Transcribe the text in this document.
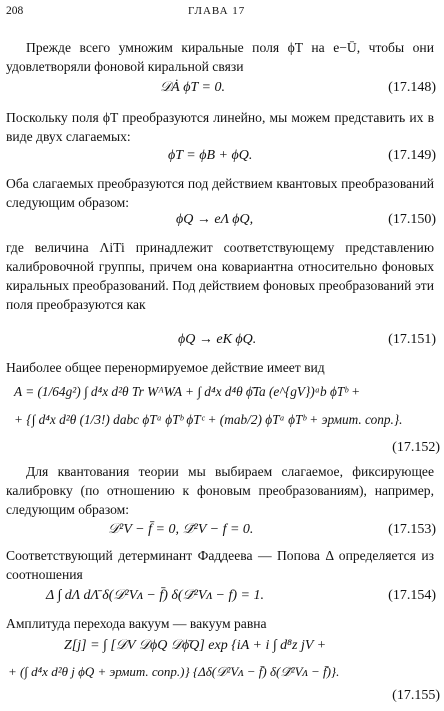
208	ГЛАВА 17
Прежде всего умножим киральные поля ϕT на e−Ū, чтобы они удовлетворяли фоновой киральной связи
𝒟Ȧ ϕT = 0.	(17.148)
Поскольку поля ϕT преобразуются линейно, мы можем представить их в виде двух слагаемых:
ϕT = ϕB + ϕQ.	(17.149)
Оба слагаемых преобразуются под действием квантовых преобразований следующим образом:
ϕQ → eΛ ϕQ,	(17.150)
где величина ΛiTi принадлежит соответствующему представлению калибровочной группы, причем она ковариантна относительно фоновых киральных преобразований. Под действием фоновых преобразований эти поля преобразуются как
ϕQ → eK ϕQ.	(17.151)
Наиболее общее перенормируемое действие имеет вид
A = (1/64g²) ∫ d⁴x d²θ Tr WᴬWA + ∫ d⁴x d⁴θ ϕ̄Ta (e^{gV})ᵃb ϕTᵇ +
+ {∫ d⁴x d²θ (1/3!) dabc ϕTᵃ ϕTᵇ ϕTᶜ + (mab/2) ϕTᵃ ϕTᵇ + эрмит. сопр.}.
(17.152)
Для квантования теории мы выбираем слагаемое, фиксирующее калибровку (по отношению к фоновым преобразованиям), например, следующим образом:
𝒟²V − f̄ = 0, 𝒟̄²V − f = 0.	(17.153)
Соответствующий детерминант Фаддеева — Попова Δ определяется из соотношения
Δ ∫ dΛ dΛ̄ δ(𝒟²Vᴧ − f̄) δ(𝒟̄²Vᴧ − f) = 1.	(17.154)
Амплитуда перехода вакуум — вакуум равна
Z[j] = ∫ [𝒟V 𝒟ϕQ 𝒟ϕ̄Q] exp {iA + i ∫ d⁸z jV +
+ (∫ d⁴x d²θ j ϕQ + эрмит. сопр.)} {Δδ(𝒟²Vᴧ − f̄) δ(𝒟̄²Vᴧ − f̄)}.
(17.155)
